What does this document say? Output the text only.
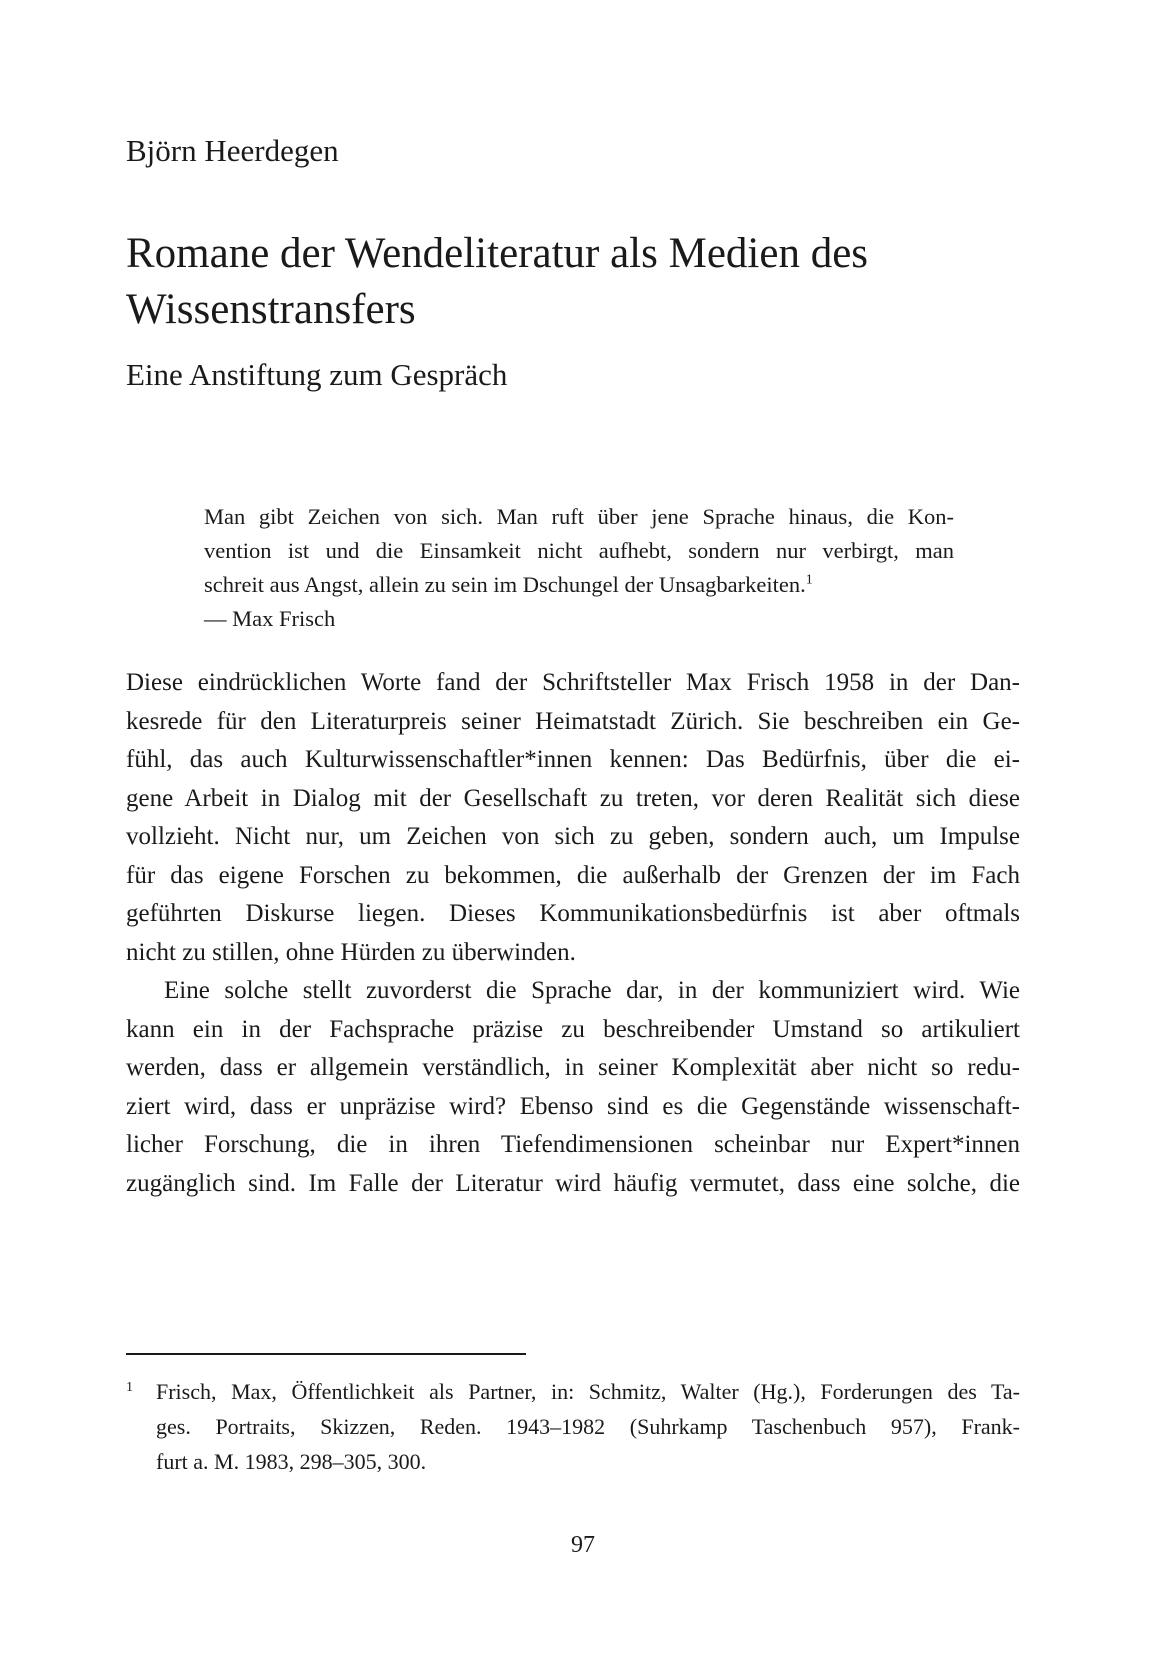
Björn Heerdegen
Romane der Wendeliteratur als Medien des
Wissenstransfers
Eine Anstiftung zum Gespräch
Man gibt Zeichen von sich. Man ruft über jene Sprache hinaus, die Kon-
vention ist und die Einsamkeit nicht aufhebt, sondern nur verbirgt, man
schreit aus Angst, allein zu sein im Dschungel der Unsagbarkeiten.$^1$
— Max Frisch
Diese eindrücklichen Worte fand der Schriftsteller Max Frisch 1958 in der Dan-
kesrede für den Literaturpreis seiner Heimatstadt Zürich. Sie beschreiben ein Ge-
fühl, das auch Kulturwissenschaftler*innen kennen: Das Bedürfnis, über die ei-
gene Arbeit in Dialog mit der Gesellschaft zu treten, vor deren Realität sich diese
vollzieht. Nicht nur, um Zeichen von sich zu geben, sondern auch, um Impulse
für das eigene Forschen zu bekommen, die außerhalb der Grenzen der im Fach
geführten Diskurse liegen. Dieses Kommunikationsbedürfnis ist aber oftmals
nicht zu stillen, ohne Hürden zu überwinden.
Eine solche stellt zuvorderst die Sprache dar, in der kommuniziert wird. Wie
kann ein in der Fachsprache präzise zu beschreibender Umstand so artikuliert
werden, dass er allgemein verständlich, in seiner Komplexität aber nicht so redu-
ziert wird, dass er unpräzise wird? Ebenso sind es die Gegenstände wissenschaft-
licher Forschung, die in ihren Tiefendimensionen scheinbar nur Expert*innen
zugänglich sind. Im Falle der Literatur wird häufig vermutet, dass eine solche, die
1 Frisch, Max, Öffentlichkeit als Partner, in: Schmitz, Walter (Hg.), Forderungen des Ta-
ges. Portraits, Skizzen, Reden. 1943–1982 (Suhrkamp Taschenbuch 957), Frank-
furt a. M. 1983, 298–305, 300.
97
